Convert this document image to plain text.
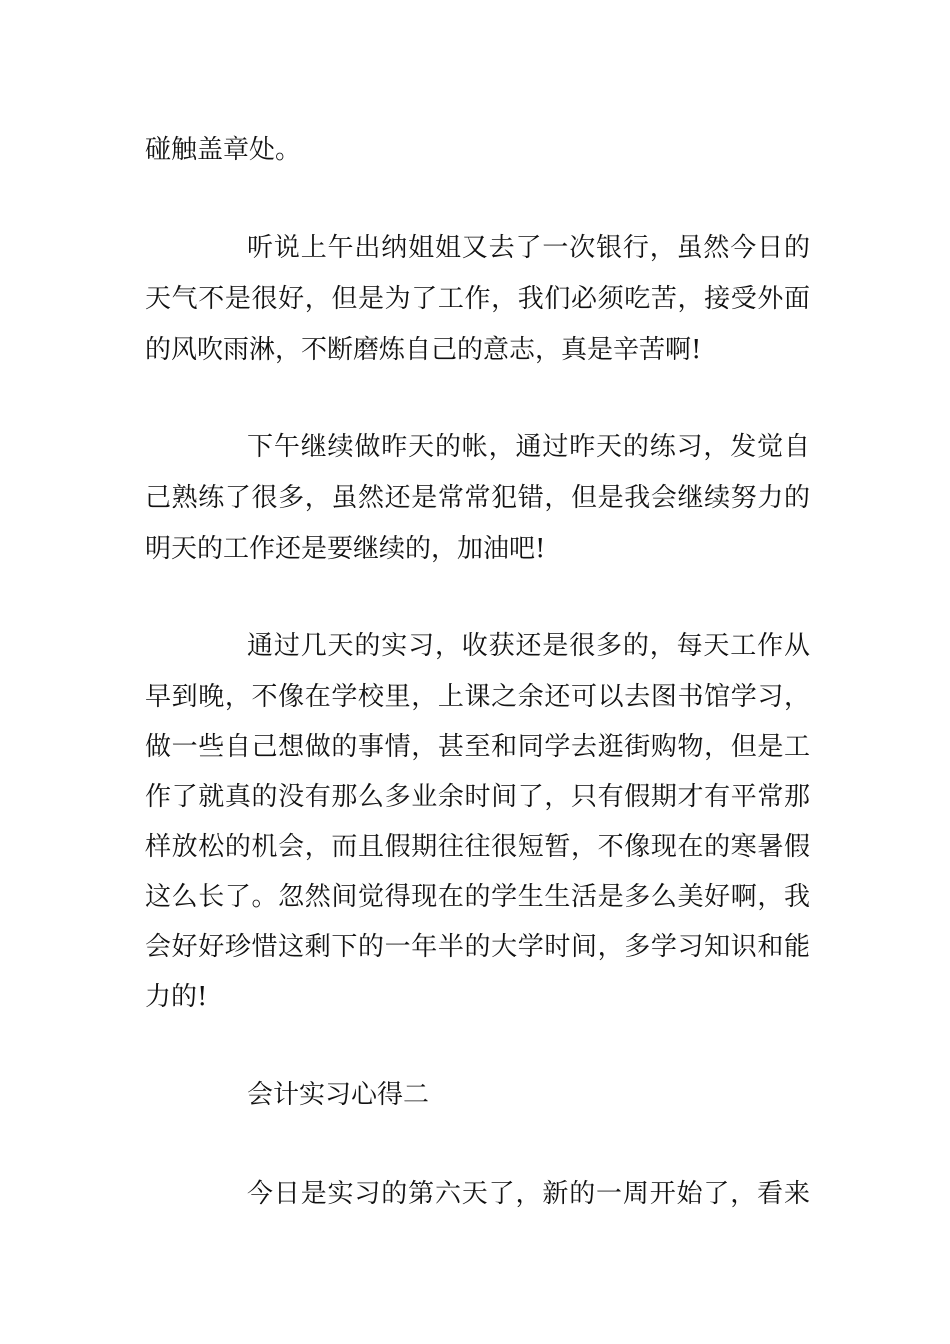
碰触盖章处。
听说上午出纳姐姐又去了一次银行，虽然今日的
天气不是很好，但是为了工作，我们必须吃苦，接受外面
的风吹雨淋，不断磨炼自己的意志，真是辛苦啊!
下午继续做昨天的帐，通过昨天的练习，发觉自
己熟练了很多，虽然还是常常犯错，但是我会继续努力的
明天的工作还是要继续的，加油吧!
通过几天的实习，收获还是很多的，每天工作从
早到晚，不像在学校里，上课之余还可以去图书馆学习，
做一些自己想做的事情，甚至和同学去逛街购物，但是工
作了就真的没有那么多业余时间了，只有假期才有平常那
样放松的机会，而且假期往往很短暂，不像现在的寒暑假
这么长了。忽然间觉得现在的学生生活是多么美好啊，我
会好好珍惜这剩下的一年半的大学时间，多学习知识和能
力的!
会计实习心得二
今日是实习的第六天了，新的一周开始了，看来
